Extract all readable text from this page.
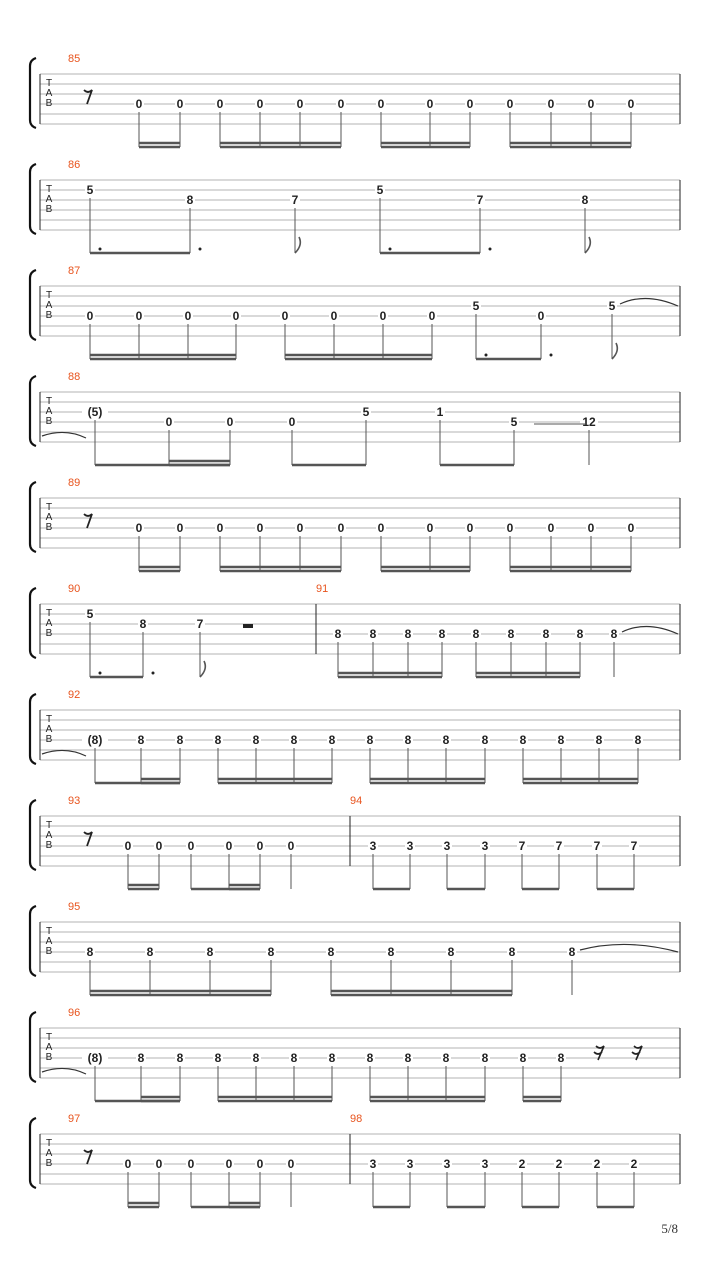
T
A
B
85
0	0	0	0	0	0	0	0	0	0	0	0	0
T
A
B
86
5
8	7
5
7	8
T
A
B
87
0	0	0	0	0	0	0	0
5
0
5
T
A
B
88
(5)
0	0	0
5	1
5	12
T
A
B
89
0	0	0	0	0	0	0	0	0	0	0	0	0
T
A
B
90
5
8	7
91
8 8 8 8 8 8 8 8 8
T
A
B
92
(8)	8	8	8	8	8	8	8	8	8	8	8	8	8	8
T
A
B
93
0 0 0	0 0 0
94
3	3	3	3	7	7	7	7
T
A
B
95
8	8	8	8	8	8	8	8	8
T
A
B
96
(8)	8	8	8	8	8	8	8	8	8	8	8	8
T
A
B
97
0 0 0	0 0 0
98
3	3	3	3	2	2	2	2
5/8
